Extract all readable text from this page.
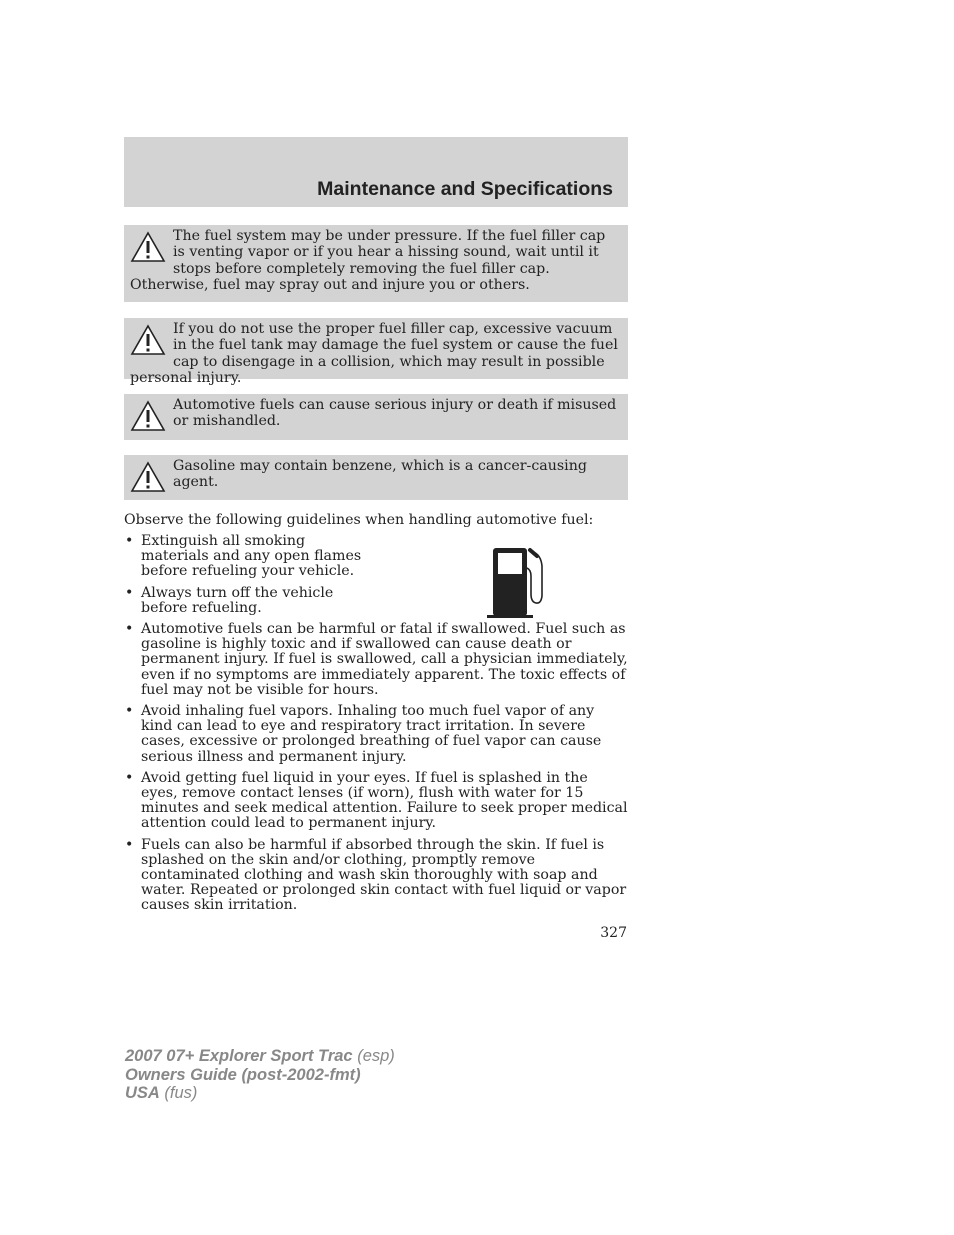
Maintenance and Specifications

The fuel system may be under pressure. If the fuel filler cap is venting vapor or if you hear a hissing sound, wait until it stops before completely removing the fuel filler cap. Otherwise, fuel may spray out and injure you or others.

If you do not use the proper fuel filler cap, excessive vacuum in the fuel tank may damage the fuel system or cause the fuel cap to disengage in a collision, which may result in possible personal injury.

Automotive fuels can cause serious injury or death if misused or mishandled.

Gasoline may contain benzene, which is a cancer-causing agent.

Observe the following guidelines when handling automotive fuel:

• Extinguish all smoking materials and any open flames before refueling your vehicle.
• Always turn off the vehicle before refueling.
• Automotive fuels can be harmful or fatal if swallowed. Fuel such as gasoline is highly toxic and if swallowed can cause death or permanent injury. If fuel is swallowed, call a physician immediately, even if no symptoms are immediately apparent. The toxic effects of fuel may not be visible for hours.
• Avoid inhaling fuel vapors. Inhaling too much fuel vapor of any kind can lead to eye and respiratory tract irritation. In severe cases, excessive or prolonged breathing of fuel vapor can cause serious illness and permanent injury.
• Avoid getting fuel liquid in your eyes. If fuel is splashed in the eyes, remove contact lenses (if worn), flush with water for 15 minutes and seek medical attention. Failure to seek proper medical attention could lead to permanent injury.
• Fuels can also be harmful if absorbed through the skin. If fuel is splashed on the skin and/or clothing, promptly remove contaminated clothing and wash skin thoroughly with soap and water. Repeated or prolonged skin contact with fuel liquid or vapor causes skin irritation.
327
2007 07+ Explorer Sport Trac (esp)
Owners Guide (post-2002-fmt)
USA (fus)
